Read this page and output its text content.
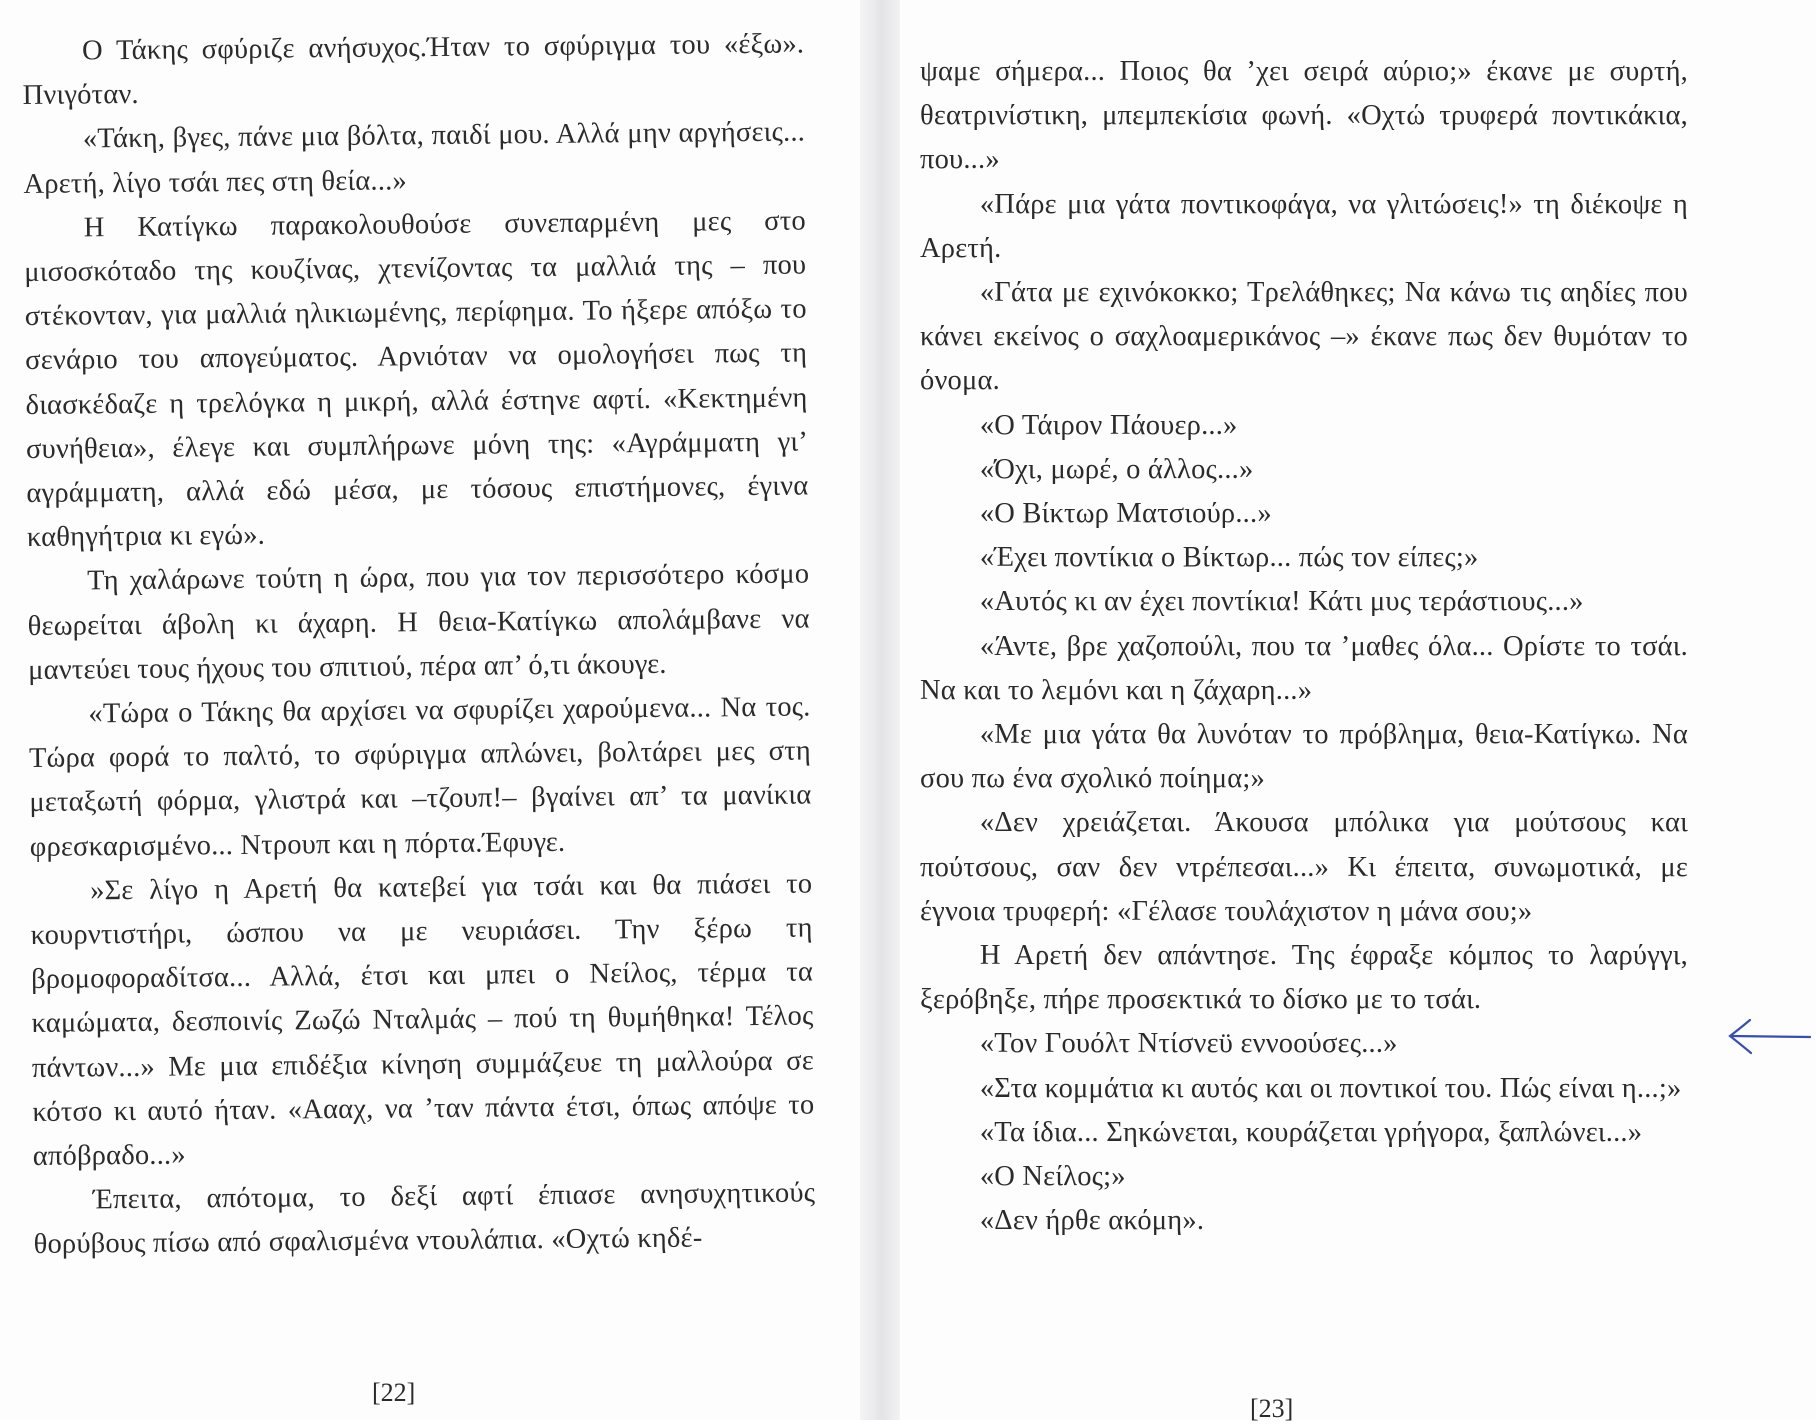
Ο Τάκης σφύριζε ανήσυχος.Ήταν το σφύριγμα του «έξω». Πνιγόταν.

«Τάκη, βγες, πάνε μια βόλτα, παιδί μου. Αλλά μην αργήσεις... Αρετή, λίγο τσάι πες στη θεία...»

Η Κατίγκω παρακολουθούσε συνεπαρμένη μες στο μισοσκόταδο της κουζίνας, χτενίζοντας τα μαλλιά της – που στέκονταν, για μαλλιά ηλικιωμένης, περίφημα. Το ήξερε απόξω το σενάριο του απογεύματος. Αρνιόταν να ομολογήσει πως τη διασκέδαζε η τρελόγκα η μικρή, αλλά έστηνε αφτί. «Κεκτημένη συνήθεια», έλεγε και συμπλήρωνε μόνη της: «Αγράμματη γι’ αγράμματη, αλλά εδώ μέσα, με τόσους επιστήμονες, έγινα καθηγήτρια κι εγώ».

Τη χαλάρωνε τούτη η ώρα, που για τον περισσότερο κόσμο θεωρείται άβολη κι άχαρη. Η θεια-Κατίγκω απολάμβανε να μαντεύει τους ήχους του σπιτιού, πέρα απ’ ό,τι άκουγε.

«Τώρα ο Τάκης θα αρχίσει να σφυρίζει χαρούμενα... Να τος. Τώρα φορά το παλτό, το σφύριγμα απλώνει, βολτάρει μες στη μεταξωτή φόρμα, γλιστρά και –τζουπ!– βγαίνει απ’ τα μανίκια φρεσκαρισμένο... Ντρουπ και η πόρτα.Έφυγε.

»Σε λίγο η Αρετή θα κατεβεί για τσάι και θα πιάσει το κουρντιστήρι, ώσπου να με νευριάσει. Την ξέρω τη βρομοφοραδίτσα... Αλλά, έτσι και μπει ο Νείλος, τέρμα τα καμώματα, δεσποινίς Ζωζώ Νταλμάς – πού τη θυμήθηκα! Τέλος πάντων...» Με μια επιδέξια κίνηση συμμάζευε τη μαλλούρα σε κότσο κι αυτό ήταν. «Αααχ, να ’ταν πάντα έτσι, όπως απόψε το απόβραδο...»

Έπειτα, απότομα, το δεξί αφτί έπιασε ανησυχητικούς θορύβους πίσω από σφαλισμένα ντουλάπια. «Οχτώ κηδέ-

[22]

ψαμε σήμερα... Ποιος θα ’χει σειρά αύριο;» έκανε με συρτή, θεατρινίστικη, μπεμπεκίσια φωνή. «Οχτώ τρυφερά ποντικάκια, που...»

«Πάρε μια γάτα ποντικοφάγα, να γλιτώσεις!» τη διέκοψε η Αρετή.

«Γάτα με εχινόκοκκο; Τρελάθηκες; Να κάνω τις αηδίες που κάνει εκείνος ο σαχλοαμερικάνος –» έκανε πως δεν θυμόταν το όνομα.

«Ο Τάιρον Πάουερ...»

«Όχι, μωρέ, ο άλλος...»

«Ο Βίκτωρ Ματσιούρ...»

«Έχει ποντίκια ο Βίκτωρ... πώς τον είπες;»

«Αυτός κι αν έχει ποντίκια! Κάτι μυς τεράστιους...»

«Άντε, βρε χαζοπούλι, που τα ’μαθες όλα... Ορίστε το τσάι. Να και το λεμόνι και η ζάχαρη...»

«Με μια γάτα θα λυνόταν το πρόβλημα, θεια-Κατίγκω. Να σου πω ένα σχολικό ποίημα;»

«Δεν χρειάζεται. Άκουσα μπόλικα για μούτσους και πούτσους, σαν δεν ντρέπεσαι...» Κι έπειτα, συνωμοτικά, με έγνοια τρυφερή: «Γέλασε τουλάχιστον η μάνα σου;»

Η Αρετή δεν απάντησε. Της έφραξε κόμπος το λαρύγγι, ξερόβηξε, πήρε προσεκτικά το δίσκο με το τσάι.

«Τον Γουόλτ Ντίσνεϋ εννοούσες...»

«Στα κομμάτια κι αυτός και οι ποντικοί του. Πώς είναι η...;»

«Τα ίδια... Σηκώνεται, κουράζεται γρήγορα, ξαπλώνει...»

«Ο Νείλος;»

«Δεν ήρθε ακόμη».

[23]
